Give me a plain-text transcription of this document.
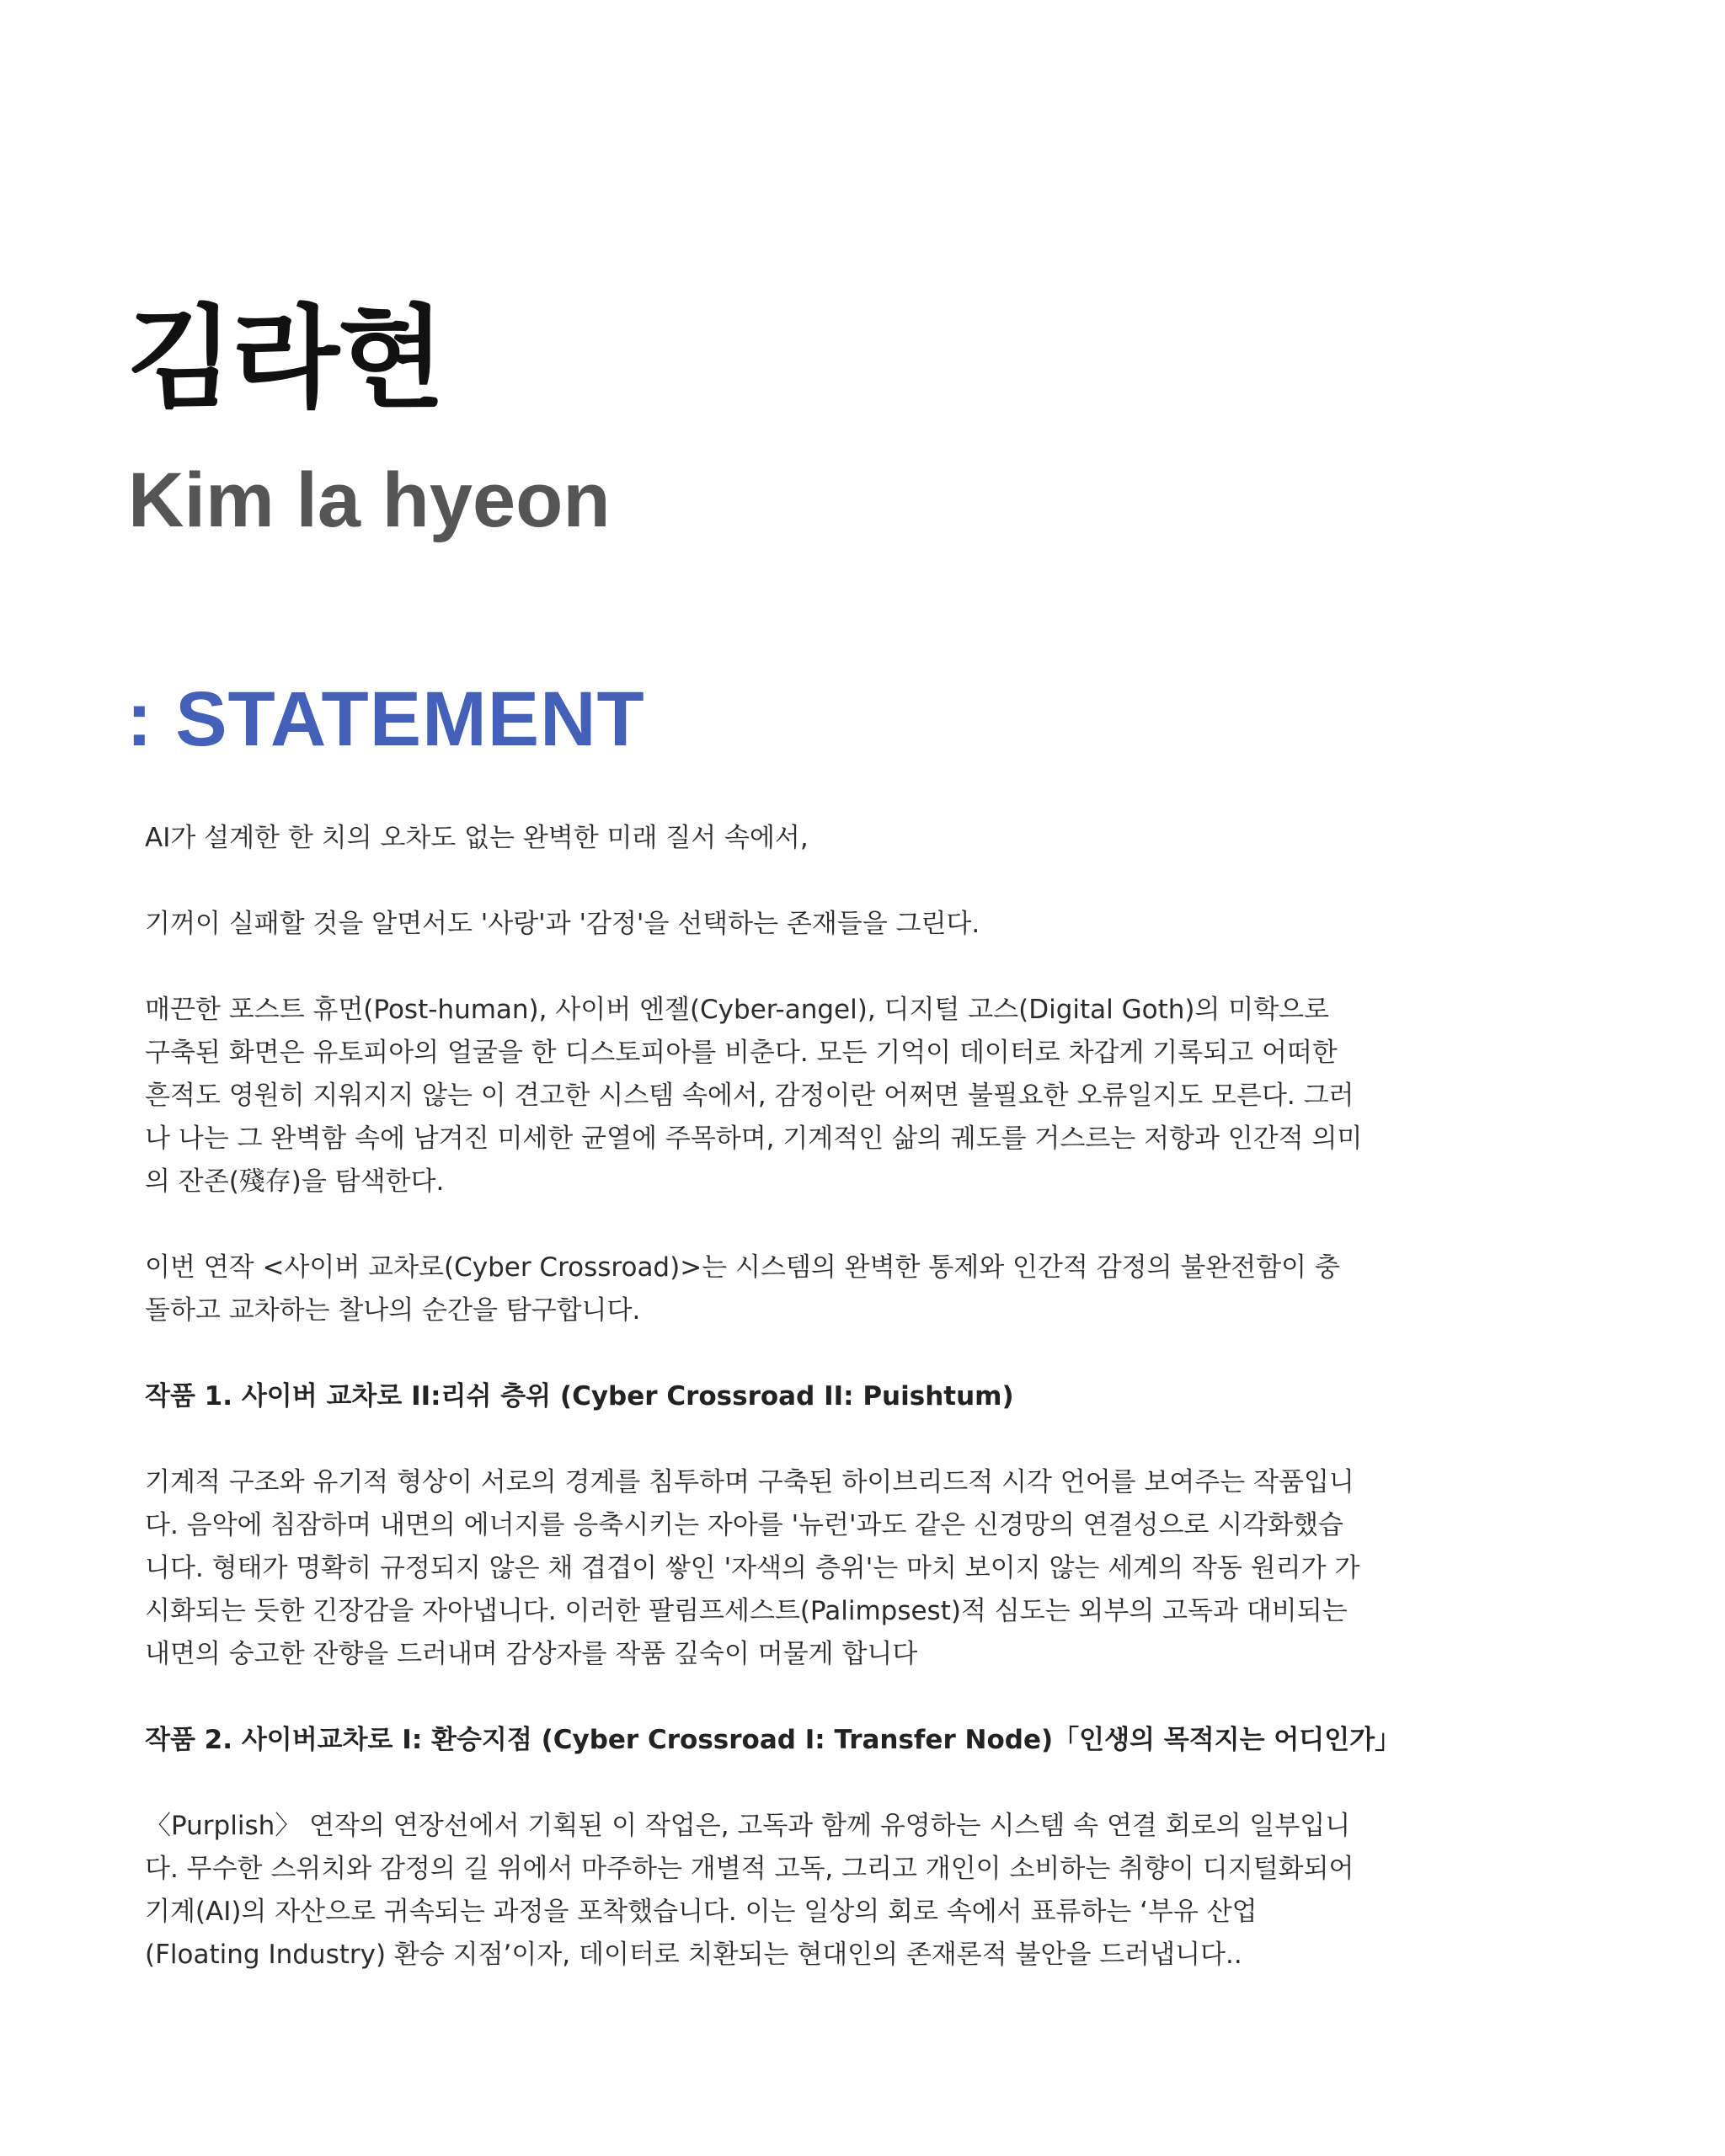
김라현
Kim la hyeon
: STATEMENT

AI가 설계한 한 치의 오차도 없는 완벽한 미래 질서 속에서,

기꺼이 실패할 것을 알면서도 '사랑'과 '감정'을 선택하는 존재들을 그린다.

매끈한 포스트 휴먼(Post-human), 사이버 엔젤(Cyber-angel), 디지털 고스(Digital Goth)의 미학으로
구축된 화면은 유토피아의 얼굴을 한 디스토피아를 비춘다. 모든 기억이 데이터로 차갑게 기록되고 어떠한
흔적도 영원히 지워지지 않는 이 견고한 시스템 속에서, 감정이란 어쩌면 불필요한 오류일지도 모른다. 그러
나 나는 그 완벽함 속에 남겨진 미세한 균열에 주목하며, 기계적인 삶의 궤도를 거스르는 저항과 인간적 의미
의 잔존(殘存)을 탐색한다.

이번 연작 <사이버 교차로(Cyber Crossroad)>는 시스템의 완벽한 통제와 인간적 감정의 불완전함이 충
돌하고 교차하는 찰나의 순간을 탐구합니다.

작품 1. 사이버 교차로 II:리쉬 층위 (Cyber Crossroad II: Puishtum)

기계적 구조와 유기적 형상이 서로의 경계를 침투하며 구축된 하이브리드적 시각 언어를 보여주는 작품입니
다. 음악에 침잠하며 내면의 에너지를 응축시키는 자아를 '뉴런'과도 같은 신경망의 연결성으로 시각화했습
니다. 형태가 명확히 규정되지 않은 채 겹겹이 쌓인 '자색의 층위'는 마치 보이지 않는 세계의 작동 원리가 가
시화되는 듯한 긴장감을 자아냅니다. 이러한 팔림프세스트(Palimpsest)적 심도는 외부의 고독과 대비되는
내면의 숭고한 잔향을 드러내며 감상자를 작품 깊숙이 머물게 합니다

작품 2. 사이버교차로 I: 환승지점 (Cyber Crossroad I: Transfer Node)「인생의 목적지는 어디인가」

〈Purplish〉 연작의 연장선에서 기획된 이 작업은, 고독과 함께 유영하는 시스템 속 연결 회로의 일부입니
다. 무수한 스위치와 감정의 길 위에서 마주하는 개별적 고독, 그리고 개인이 소비하는 취향이 디지털화되어
기계(AI)의 자산으로 귀속되는 과정을 포착했습니다. 이는 일상의 회로 속에서 표류하는 ‘부유 산업
(Floating Industry) 환승 지점’이자, 데이터로 치환되는 현대인의 존재론적 불안을 드러냅니다..
